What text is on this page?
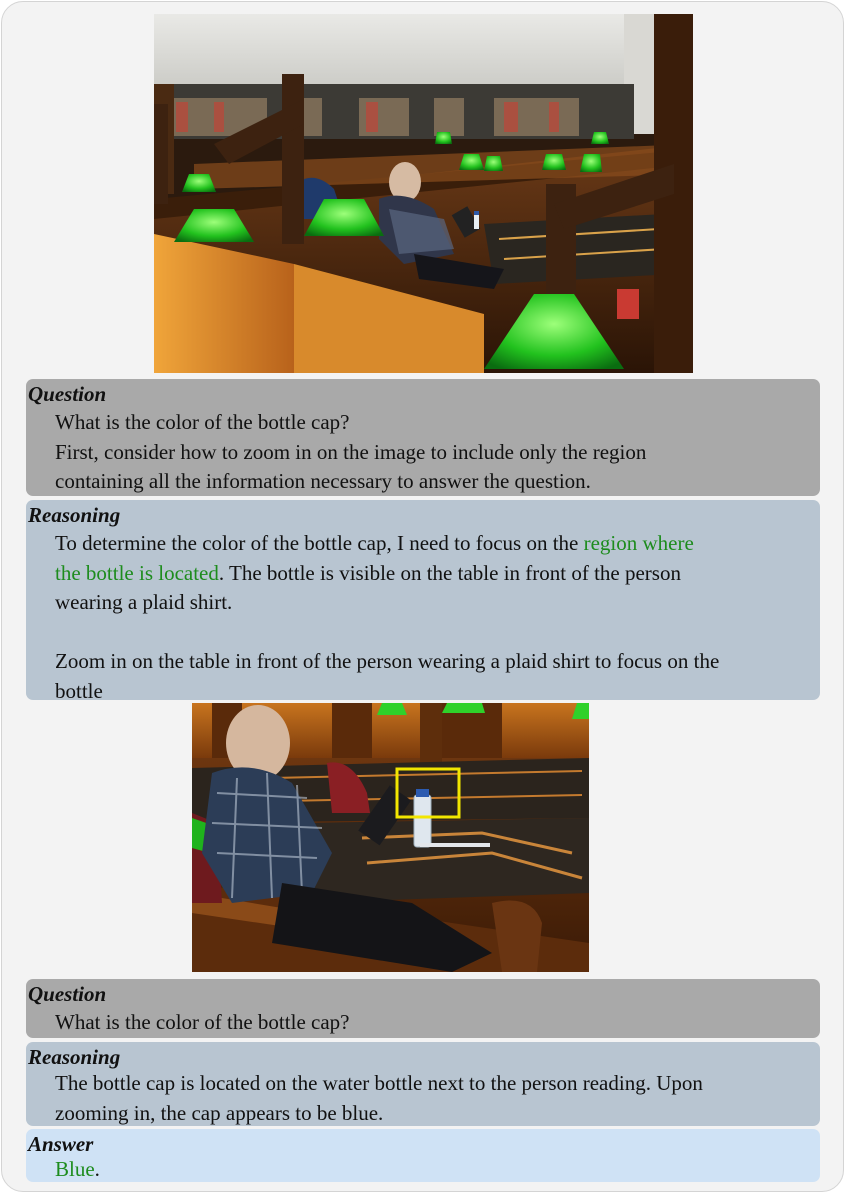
Question
What is the color of the bottle cap?
First, consider how to zoom in on the image to include only the region
containing all the information necessary to answer the question.
Reasoning
To determine the color of the bottle cap, I need to focus on the region where
the bottle is located. The bottle is visible on the table in front of the person
wearing a plaid shirt.
Zoom in on the table in front of the person wearing a plaid shirt to focus on the
bottle
Question
What is the color of the bottle cap?
Reasoning
The bottle cap is located on the water bottle next to the person reading. Upon
zooming in, the cap appears to be blue.
Answer
Blue.
